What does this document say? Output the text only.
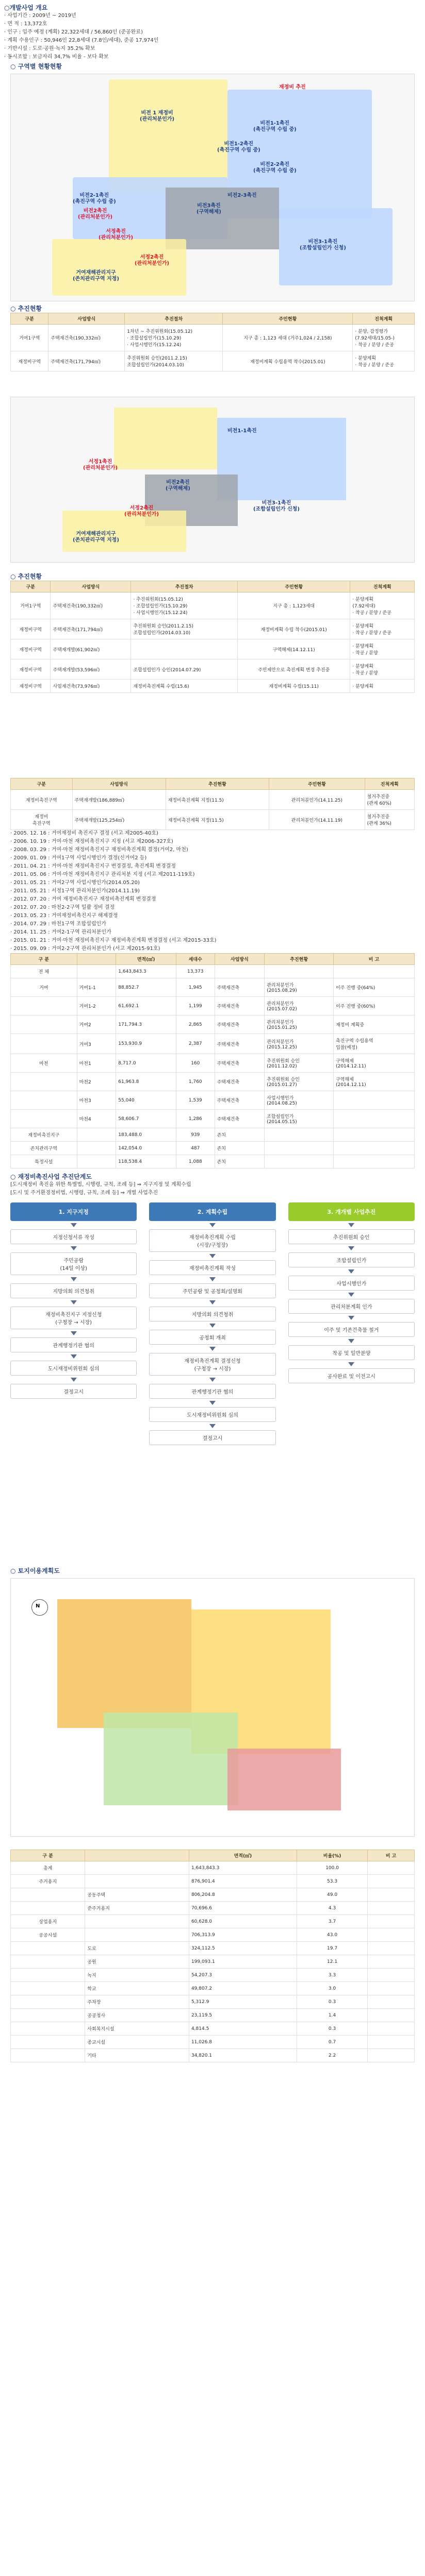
○개발사업 개요
· 사업기간 : 2009년 ~ 2019년
· 면 적 : 13,372호
· 인구 : 입주 예정 (계획) 22,322세대 / 56,860인 (준공완료)
· 계획 수용인구 : 50,946인 22,8세대 (7.8인/세대), 준공 17,974인
· 기반시설 : 도로·공원·녹지 35.2% 확보
· 동시조합 : 보금자리 34,7% 비율 - 보다 확보
○ 구역별 현황현황
재정비 추진
비전1-1촉진
(촉진구역 수립 중)
비전1-2촉진
(촉진구역 수립 중)
비전2-1촉진
(촉진구역 수립 중)
비전2촉진
(관리처분인가)
비전3촉진
(구역해제)
비전2-2촉진
(촉진구역 수립 중)
비전3-1촉진
(조합설립인가 신청)
서정촉진
(관리처분인가)
서정2촉진
(관리처분인가)
거여재해관리지구
(존치관리구역 지정)
비전2-3촉진
비전 1 재정비
(관리처분인가)
○ 추진현황
구분	사업방식	추진절차	주민현황	진척계획
거여1구역	주택재건축(190,332㎡)	1차년 ~ 추진위원회(15.05.12)
· 조합설립인가(15.10.29)
· 사업시행인가(15.12.24)	지구 총 : 1,123 세대 (거주1,024 / 2,158)	· 분양, 감정평가
(7.92세대/15.05-)
· 착공 / 분양 / 준공
재정비구역	주택재건축(171,794㎡)	추진위원회 승인(2011.2.15)
조합설립인가(2014.03.10)	재정비계획 수립용역 착수(2015.01)	· 분양계획
· 착공 / 분양 / 준공
비전1-1촉진
서정1촉진
(관리처분인가)
비전2촉진
(구역해제)
서정2촉진
(관리처분인가)
비전3-1촉진
(조합설립인가 신청)
거여재해관리지구
(존치관리구역 지정)
○ 추진현황
구분	사업방식	추진절차	주민현황	진척계획
거여1구역	주택재건축(190,332㎡)	· 추진위원회(15.05.12)
· 조합설립인가(15.10.29)
· 사업시행인가(15.12.24)	지구 총 : 1,123세대	· 분양계획
(7.92세대)
· 착공 / 분양 / 준공
재정비구역	주택재건축(171,794㎡)	추진위원회 승인(2011.2.15)
조합설립인가(2014.03.10)	재정비계획 수립 착수(2015.01)	· 분양계획
· 착공 / 분양 / 준공
재정비구역	주택재개발(61,902㎡)		구역해제(14.12.11)	· 분양계획
· 착공 / 분양
재정비구역	주택재개발(53,596㎡)	조합설립인가 승인(2014.07.29)	주민제안으로 촉진계획 변경 추진중	· 분양계획
· 착공 / 분양
재정비구역	사업재건축(73,976㎡)	재정비촉진계획 수립(15.6)	재정비계획 수립(15.11)	· 분양계획
구분	사업방식	추진현황	주민현황	진척계획
재정비촉진구역	주택재개발(186,889㎡)	재정비촉진계획 지정(11.5)	관리처분인가(14.11.25)	철거추진중
(관계 60%)
재정비
촉진구역	주택재개발(125,254㎡)	재정비촉진계획 지정(11.5)	관리처분인가(14.11.19)	철거추진중
(관계 36%)
· 2005. 12. 16 : 거여재정비 촉진지구 결정 (서고 제2005-40호)
· 2006. 10. 19 : 거여·마천 재정비촉진지구 지정 (서고 제2006-327호)
· 2008. 03. 29 : 거여·마천 재정비촉진지구 재정비촉진계획 결정(거여2, 마천)
· 2009. 01. 09 : 거여1구역 사업시행인가 결정(신거여2 등)
· 2011. 04. 21 : 거여·마천 재정비촉진지구 변경결정, 촉진계획 변경결정
· 2011. 05. 06 : 거여·마천 재정비촉진지구 관리처분 지정 (서고 제2011-119호)
· 2011. 05. 21 : 거여2구역 사업시행인가(2014.05.20)
· 2011. 05. 21 : 서정1구역 관리처분인가(2014.11.19)
· 2012. 07. 20 : 거여 재정비촉진지구 재정비촉진계획 변경결정
· 2012. 07. 20 : 마천2-2구역 일괄 정비 결정
· 2013. 05. 23 : 거여재정비촉진지구 해제결정
· 2014. 07. 29 : 마천1구역 조합설립인가
· 2014. 11. 25 : 거여2-1구역 관리처분인가
· 2015. 01. 21 : 거여·마천 재정비촉진지구 재정비촉진계획 변경결정 (서고 제2015-33호)
· 2015. 09. 09 : 거여2-2구역 관리처분인가 (서고 제2015-91호)
구 분		면적(㎡)	세대수	사업방식	추진현황	비 고
전 체		1,643,843.3	13,373			
거여	거여1-1	88,852.7	1,945	주택재건축	관리처분인가
(2015.08.29)	이주 진행 중(64%)
	거여1-2	61,692.1	1,199	주택재건축	관리처분인가
(2015.07.02)	이주 진행 중(60%)
	거여2	171,794.3	2,865	주택재건축	관리처분인가
(2015.01.25)	재정비 계획중
	거여3	153,930.9	2,387	주택재건축	관리처분인가
(2015.12.25)	촉진구역 수립용역
입찰(예정)
마천	마천1	8,717.0	160	주택재건축	추진위원회 승인
(2011.12.02)	구역해제
(2014.12.11)
	마천2	61,963.8	1,760	주택재건축	추진위원회 승인
(2015.01.27)	구역해제
(2014.12.11)
	마천3	55,040	1,539	주택재건축	사업시행인가
(2014.08.25)	
	마천4	58,606.7	1,286	주택재건축	조합설립인가
(2014.05.15)	
재정비촉진지구		183,488.0	939	존치		
존치관리구역		142,054.0	487	존치		
특정시설		118,538.4	1,088	존치		
○ 재정비촉진사업 추진단계도
[도시재정비 촉진을 위한 특별법, 시행령, 규칙, 조례 등] ⇒ 지구지정 및 계획수립
[도시 및 주거환경정비법, 시행령, 규칙, 조례 등] ⇒ 개별 사업추진
1. 지구지정
지정신청서류 작성
주민공람
(14일 이상)
지방의회 의견청취
재정비촉진지구 지정신청
(구청장 → 시장)
관계행정기관 협의
도시재정비위원회 심의
결정고시
2. 계획수립
재정비촉진계획 수립
(시장/구청장)
재정비촉진계획 작성
주민공람 및 공청회/설명회
지방의회 의견청취
공청회 개최
재정비촉진계획 결정신청
(구청장 → 시장)
관계행정기관 협의
도시재정비위원회 심의
결정고시
3. 개개별 사업추진
추진위원회 승인
조합설립인가
사업시행인가
관리처분계획 인가
이주 및 기존건축물 철거
착공 및 일반분양
공사완료 및 이전고시
○ 토지이용계획도
N
구 분		면적(㎡)	비율(%)	비 고
총계		1,643,843.3	100.0	
주거용지		876,901.4	53.3	
	공동주택	806,204.8	49.0	
	준주거용지	70,696.6	4.3	
상업용지		60,628.0	3.7	
공공시설		706,313.9	43.0	
	도로	324,112.5	19.7	
	공원	199,093.1	12.1	
	녹지	54,207.3	3.3	
	학교	49,807.2	3.0	
	주차장	5,312.9	0.3	
	공공청사	23,119.5	1.4	
	사회복지시설	4,814.5	0.3	
	종교시설	11,026.8	0.7	
	기타	34,820.1	2.2	
